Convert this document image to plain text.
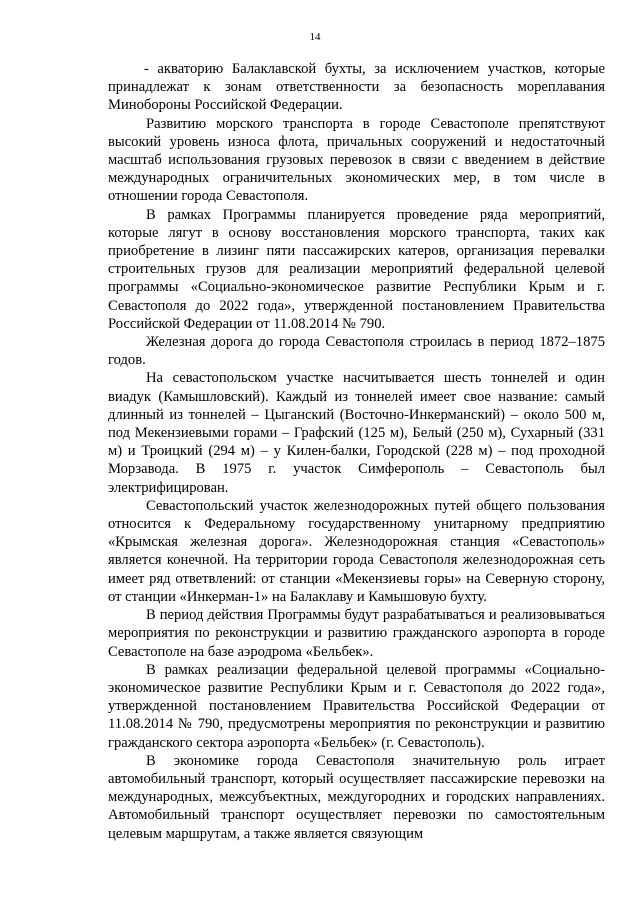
14

- акваторию Балаклавской бухты, за исключением участков, которые принадлежат к зонам ответственности за безопасность мореплавания Минобороны Российской Федерации.

Развитию морского транспорта в городе Севастополе препятствуют высокий уровень износа флота, причальных сооружений и недостаточный масштаб использования грузовых перевозок в связи с введением в действие международных ограничительных экономических мер, в том числе в отношении города Севастополя.

В рамках Программы планируется проведение ряда мероприятий, которые лягут в основу восстановления морского транспорта, таких как приобретение в лизинг пяти пассажирских катеров, организация перевалки строительных грузов для реализации мероприятий федеральной целевой программы «Социально-экономическое развитие Республики Крым и г. Севастополя до 2022 года», утвержденной постановлением Правительства Российской Федерации от 11.08.2014 № 790.

Железная дорога до города Севастополя строилась в период 1872–1875 годов.

На севастопольском участке насчитывается шесть тоннелей и один виадук (Камышловский). Каждый из тоннелей имеет свое название: самый длинный из тоннелей – Цыганский (Восточно-Инкерманский) – около 500 м, под Мекензиевыми горами – Графский (125 м), Белый (250 м), Сухарный (331 м) и Троицкий (294 м) – у Килен-балки, Городской (228 м) – под проходной Морзавода. В 1975 г. участок Симферополь – Севастополь был электрифицирован.

Севастопольский участок железнодорожных путей общего пользования относится к Федеральному государственному унитарному предприятию «Крымская железная дорога». Железнодорожная станция «Севастополь» является конечной. На территории города Севастополя железнодорожная сеть имеет ряд ответвлений: от станции «Мекензиевы горы» на Северную сторону, от станции «Инкерман-1» на Балаклаву и Камышовую бухту.

В период действия Программы будут разрабатываться и реализовываться мероприятия по реконструкции и развитию гражданского аэропорта в городе Севастополе на базе аэродрома «Бельбек».

В рамках реализации федеральной целевой программы «Социально-экономическое развитие Республики Крым и г. Севастополя до 2022 года», утвержденной постановлением Правительства Российской Федерации от 11.08.2014 № 790, предусмотрены мероприятия по реконструкции и развитию гражданского сектора аэропорта «Бельбек» (г. Севастополь).

В экономике города Севастополя значительную роль играет автомобильный транспорт, который осуществляет пассажирские перевозки на международных, межсубъектных, междугородних и городских направлениях. Автомобильный транспорт осуществляет перевозки по самостоятельным целевым маршрутам, а также является связующим
